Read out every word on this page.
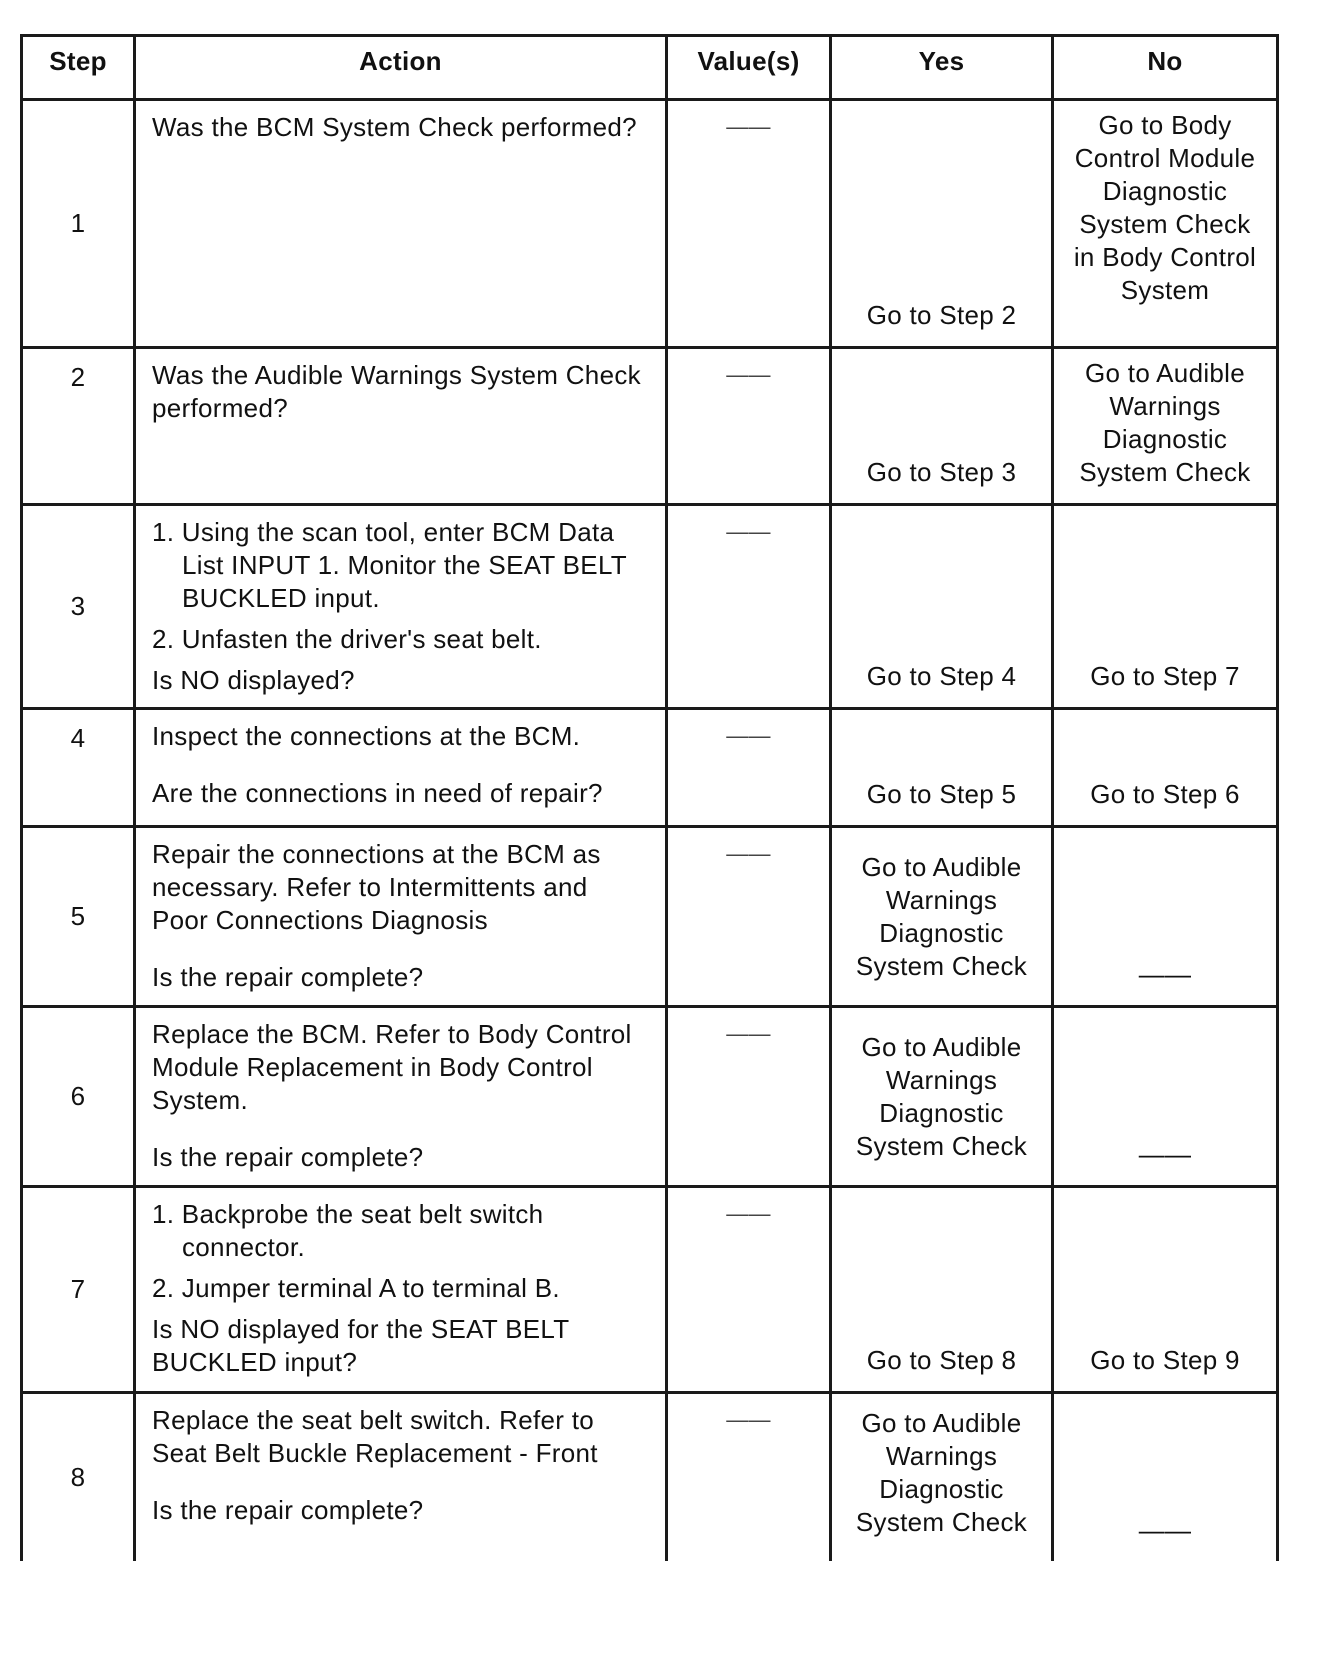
Step	Action	Value(s)	Yes	No
1	Was the BCM System Check performed?	——	Go to Step 2	Go to Body Control Module Diagnostic System Check in Body Control System
2	Was the Audible Warnings System Check performed?	——	Go to Step 3	Go to Audible Warnings Diagnostic System Check
3	1. Using the scan tool, enter BCM Data List INPUT 1. Monitor the SEAT BELT BUCKLED input.
2. Unfasten the driver's seat belt.
Is NO displayed?	——	Go to Step 4	Go to Step 7
4	Inspect the connections at the BCM.
Are the connections in need of repair?	——	Go to Step 5	Go to Step 6
5	Repair the connections at the BCM as necessary. Refer to Intermittents and Poor Connections Diagnosis
Is the repair complete?	——	Go to Audible Warnings Diagnostic System Check	——
6	Replace the BCM. Refer to Body Control Module Replacement in Body Control System.
Is the repair complete?	——	Go to Audible Warnings Diagnostic System Check	——
7	1. Backprobe the seat belt switch connector.
2. Jumper terminal A to terminal B.
Is NO displayed for the SEAT BELT BUCKLED input?	——	Go to Step 8	Go to Step 9
8	Replace the seat belt switch. Refer to Seat Belt Buckle Replacement - Front
Is the repair complete?	——	Go to Audible Warnings Diagnostic System Check	——
